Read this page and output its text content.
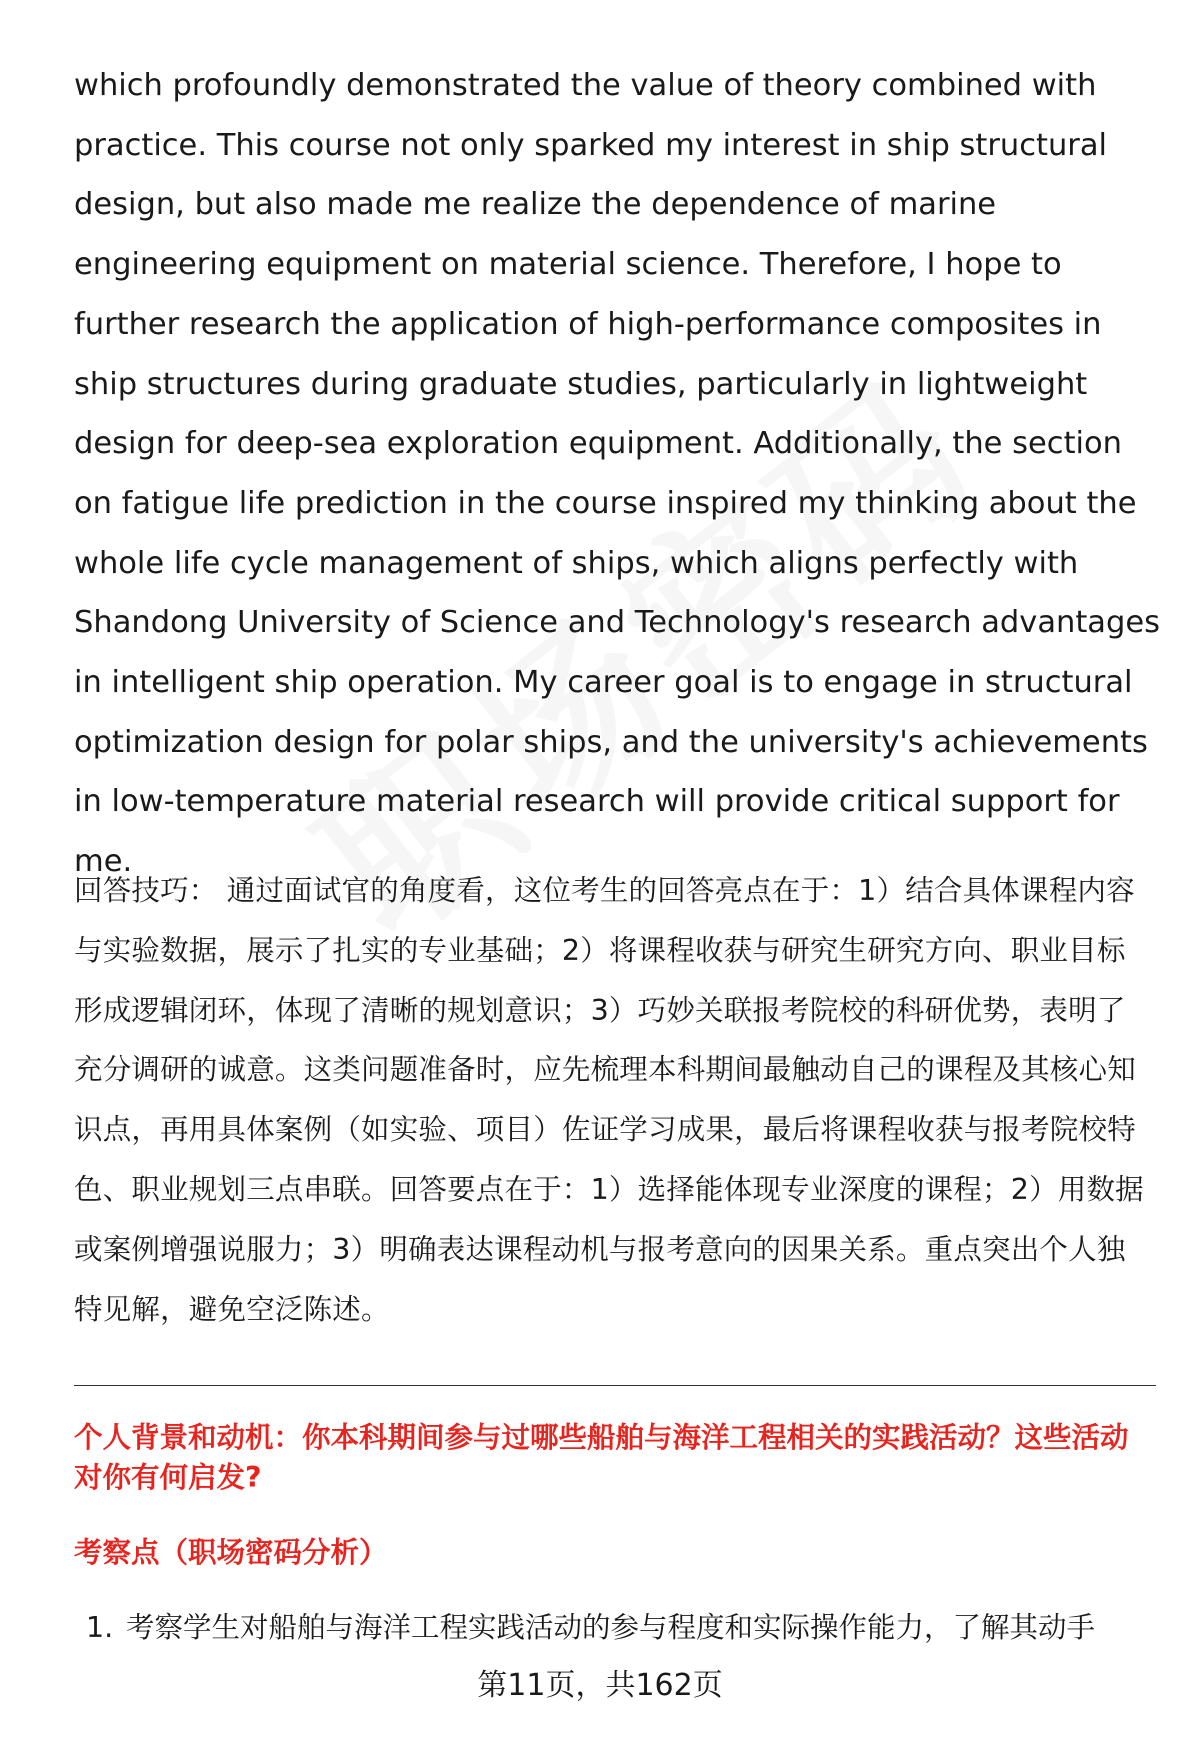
which profoundly demonstrated the value of theory combined with practice. This course not only sparked my interest in ship structural design, but also made me realize the dependence of marine engineering equipment on material science. Therefore, I hope to further research the application of high-performance composites in ship structures during graduate studies, particularly in lightweight design for deep-sea exploration equipment. Additionally, the section on fatigue life prediction in the course inspired my thinking about the whole life cycle management of ships, which aligns perfectly with Shandong University of Science and Technology's research advantages in intelligent ship operation. My career goal is to engage in structural optimization design for polar ships, and the university's achievements in low-temperature material research will provide critical support for me.

回答技巧： 通过面试官的角度看，这位考生的回答亮点在于：1）结合具体课程内容与实验数据，展示了扎实的专业基础；2）将课程收获与研究生研究方向、职业目标形成逻辑闭环，体现了清晰的规划意识；3）巧妙关联报考院校的科研优势，表明了充分调研的诚意。这类问题准备时，应先梳理本科期间最触动自己的课程及其核心知识点，再用具体案例（如实验、项目）佐证学习成果，最后将课程收获与报考院校特色、职业规划三点串联。回答要点在于：1）选择能体现专业深度的课程；2）用数据或案例增强说服力；3）明确表达课程动机与报考意向的因果关系。重点突出个人独特见解，避免空泛陈述。

个人背景和动机：你本科期间参与过哪些船舶与海洋工程相关的实践活动？这些活动对你有何启发?

考察点（职场密码分析）

1. 考察学生对船舶与海洋工程实践活动的参与程度和实际操作能力，了解其动手

第11页，共162页
